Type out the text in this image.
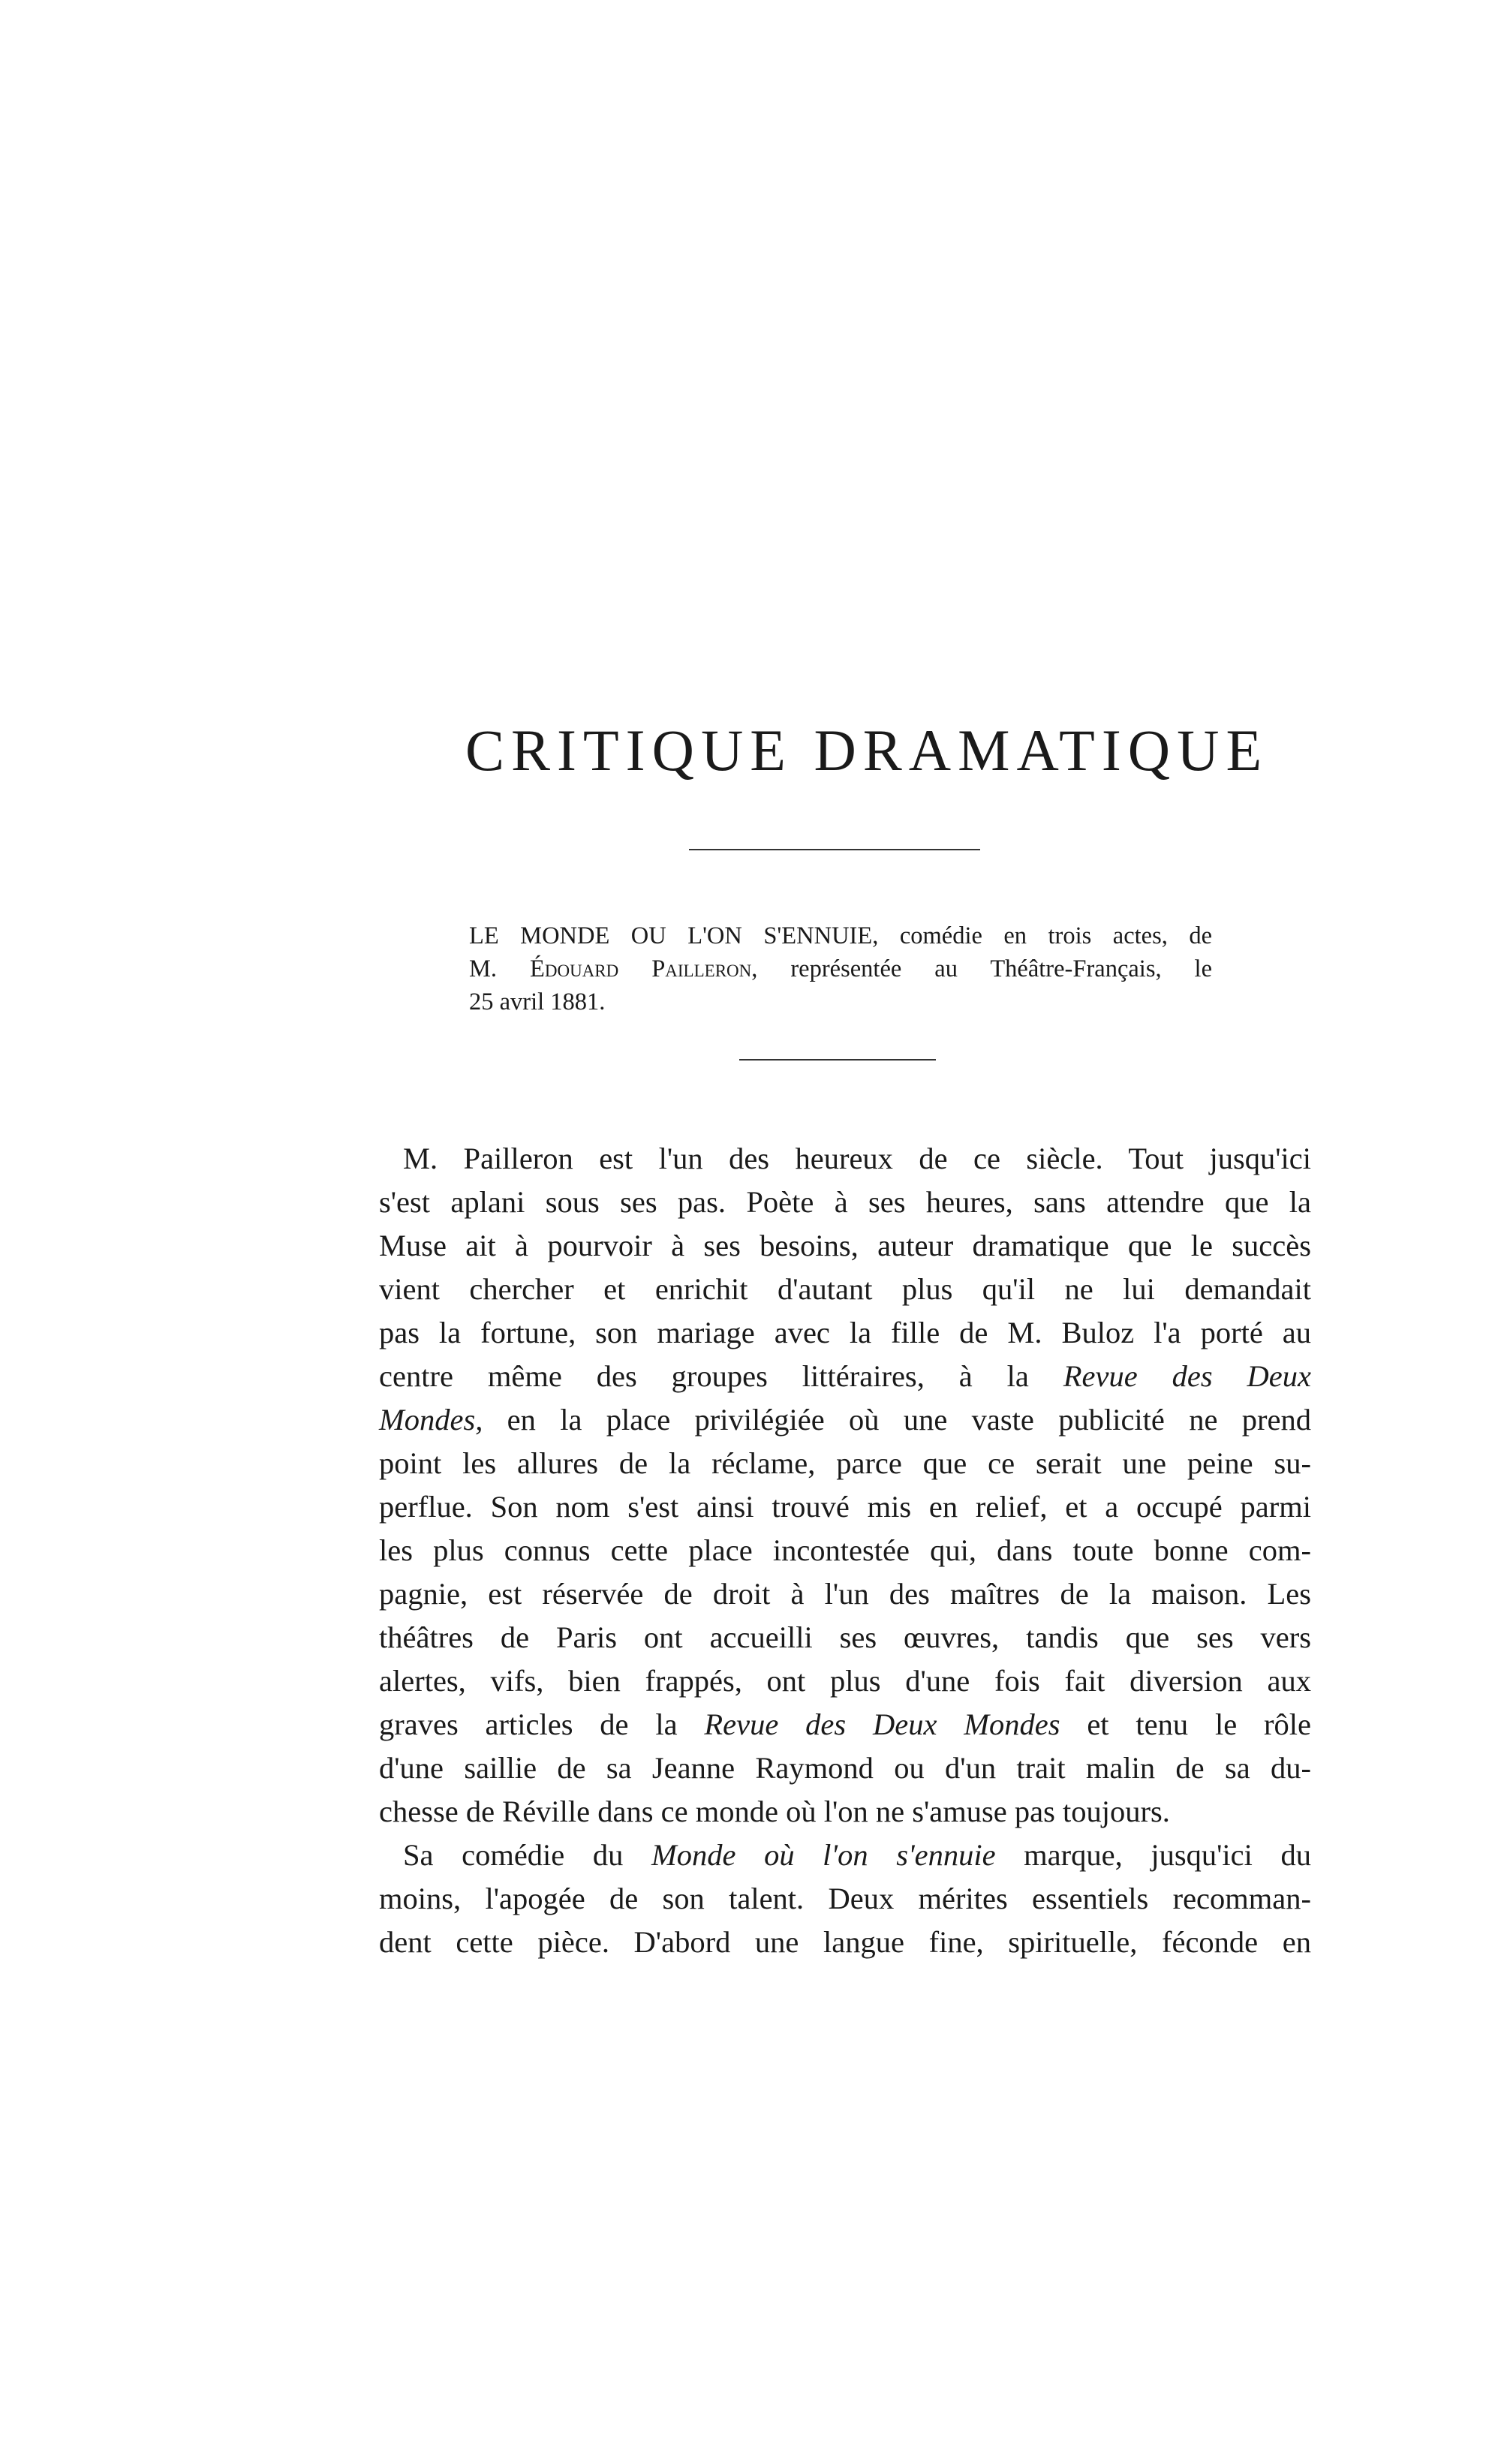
CRITIQUE DRAMATIQUE
LE MONDE OU L'ON S'ENNUIE, comédie en trois actes, de
M. Édouard Pailleron, représentée au Théâtre-Français, le
25 avril 1881.
M. Pailleron est l'un des heureux de ce siècle. Tout jusqu'ici
s'est aplani sous ses pas. Poète à ses heures, sans attendre que la
Muse ait à pourvoir à ses besoins, auteur dramatique que le succès
vient chercher et enrichit d'autant plus qu'il ne lui demandait
pas la fortune, son mariage avec la fille de M. Buloz l'a porté au
centre même des groupes littéraires, à la Revue des Deux
Mondes, en la place privilégiée où une vaste publicité ne prend
point les allures de la réclame, parce que ce serait une peine su-
perflue. Son nom s'est ainsi trouvé mis en relief, et a occupé parmi
les plus connus cette place incontestée qui, dans toute bonne com-
pagnie, est réservée de droit à l'un des maîtres de la maison. Les
théâtres de Paris ont accueilli ses œuvres, tandis que ses vers
alertes, vifs, bien frappés, ont plus d'une fois fait diversion aux
graves articles de la Revue des Deux Mondes et tenu le rôle
d'une saillie de sa Jeanne Raymond ou d'un trait malin de sa du-
chesse de Réville dans ce monde où l'on ne s'amuse pas toujours.
Sa comédie du Monde où l'on s'ennuie marque, jusqu'ici du
moins, l'apogée de son talent. Deux mérites essentiels recomman-
dent cette pièce. D'abord une langue fine, spirituelle, féconde en
